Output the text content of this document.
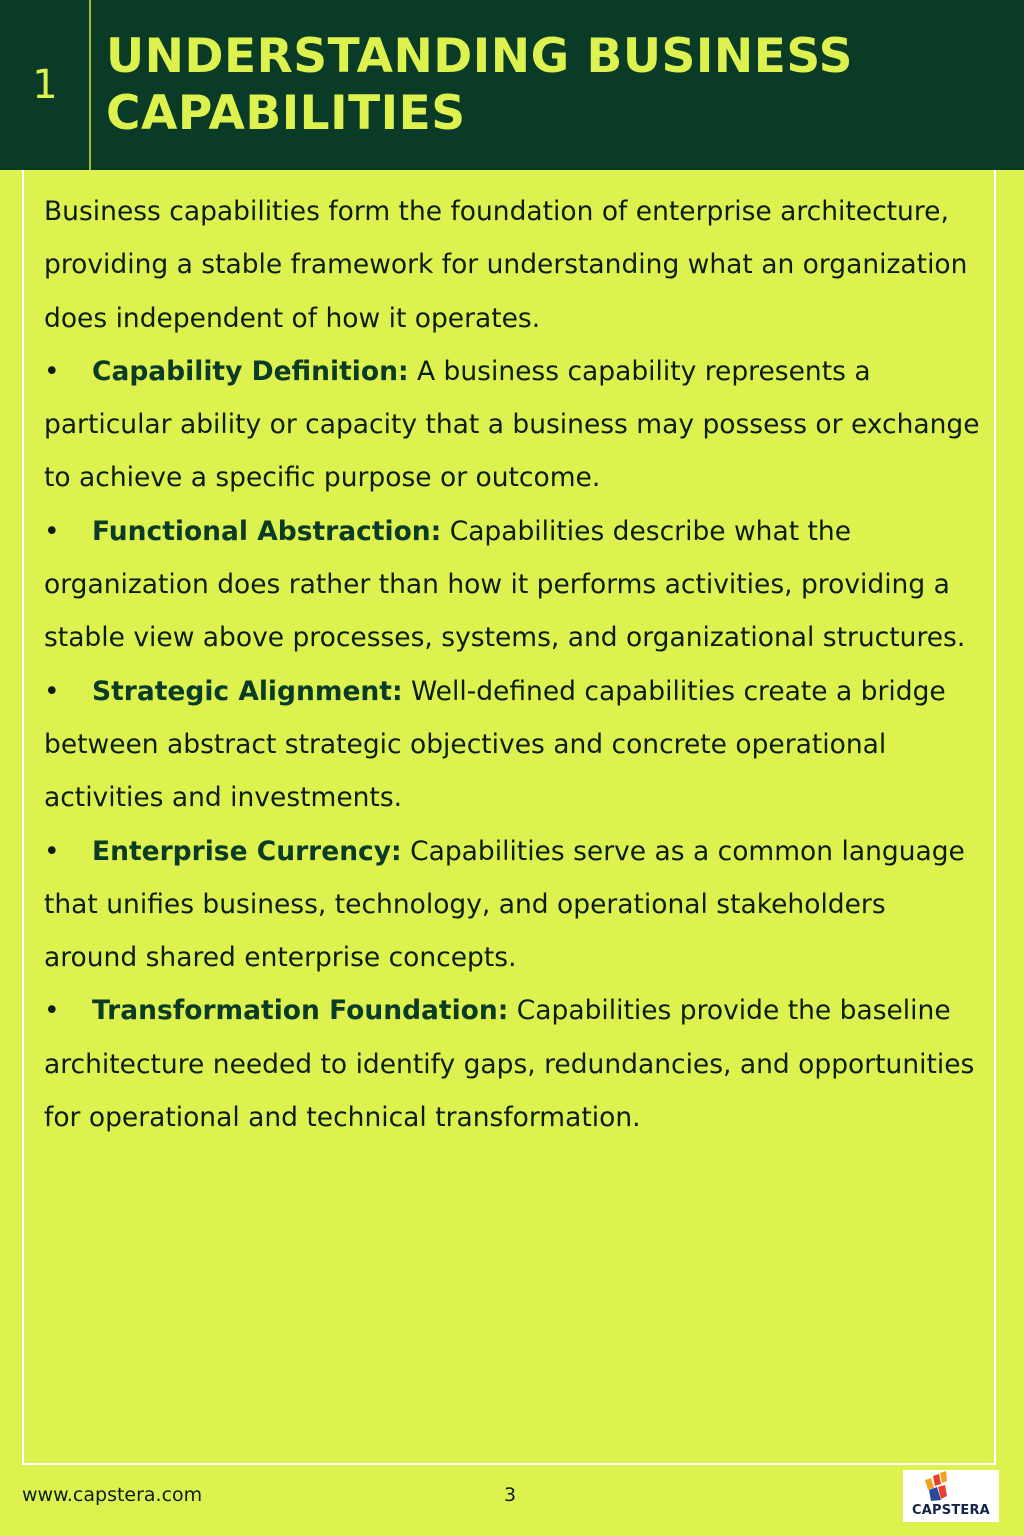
1
UNDERSTANDING BUSINESS CAPABILITIES

Business capabilities form the foundation of enterprise architecture, providing a stable framework for understanding what an organization does independent of how it operates.

• Capability Definition: A business capability represents a particular ability or capacity that a business may possess or exchange to achieve a specific purpose or outcome.

• Functional Abstraction: Capabilities describe what the organization does rather than how it performs activities, providing a stable view above processes, systems, and organizational structures.

• Strategic Alignment: Well-defined capabilities create a bridge between abstract strategic objectives and concrete operational activities and investments.

• Enterprise Currency: Capabilities serve as a common language that unifies business, technology, and operational stakeholders around shared enterprise concepts.

• Transformation Foundation: Capabilities provide the baseline architecture needed to identify gaps, redundancies, and opportunities for operational and technical transformation.

www.capstera.com	3
CAPSTERA
